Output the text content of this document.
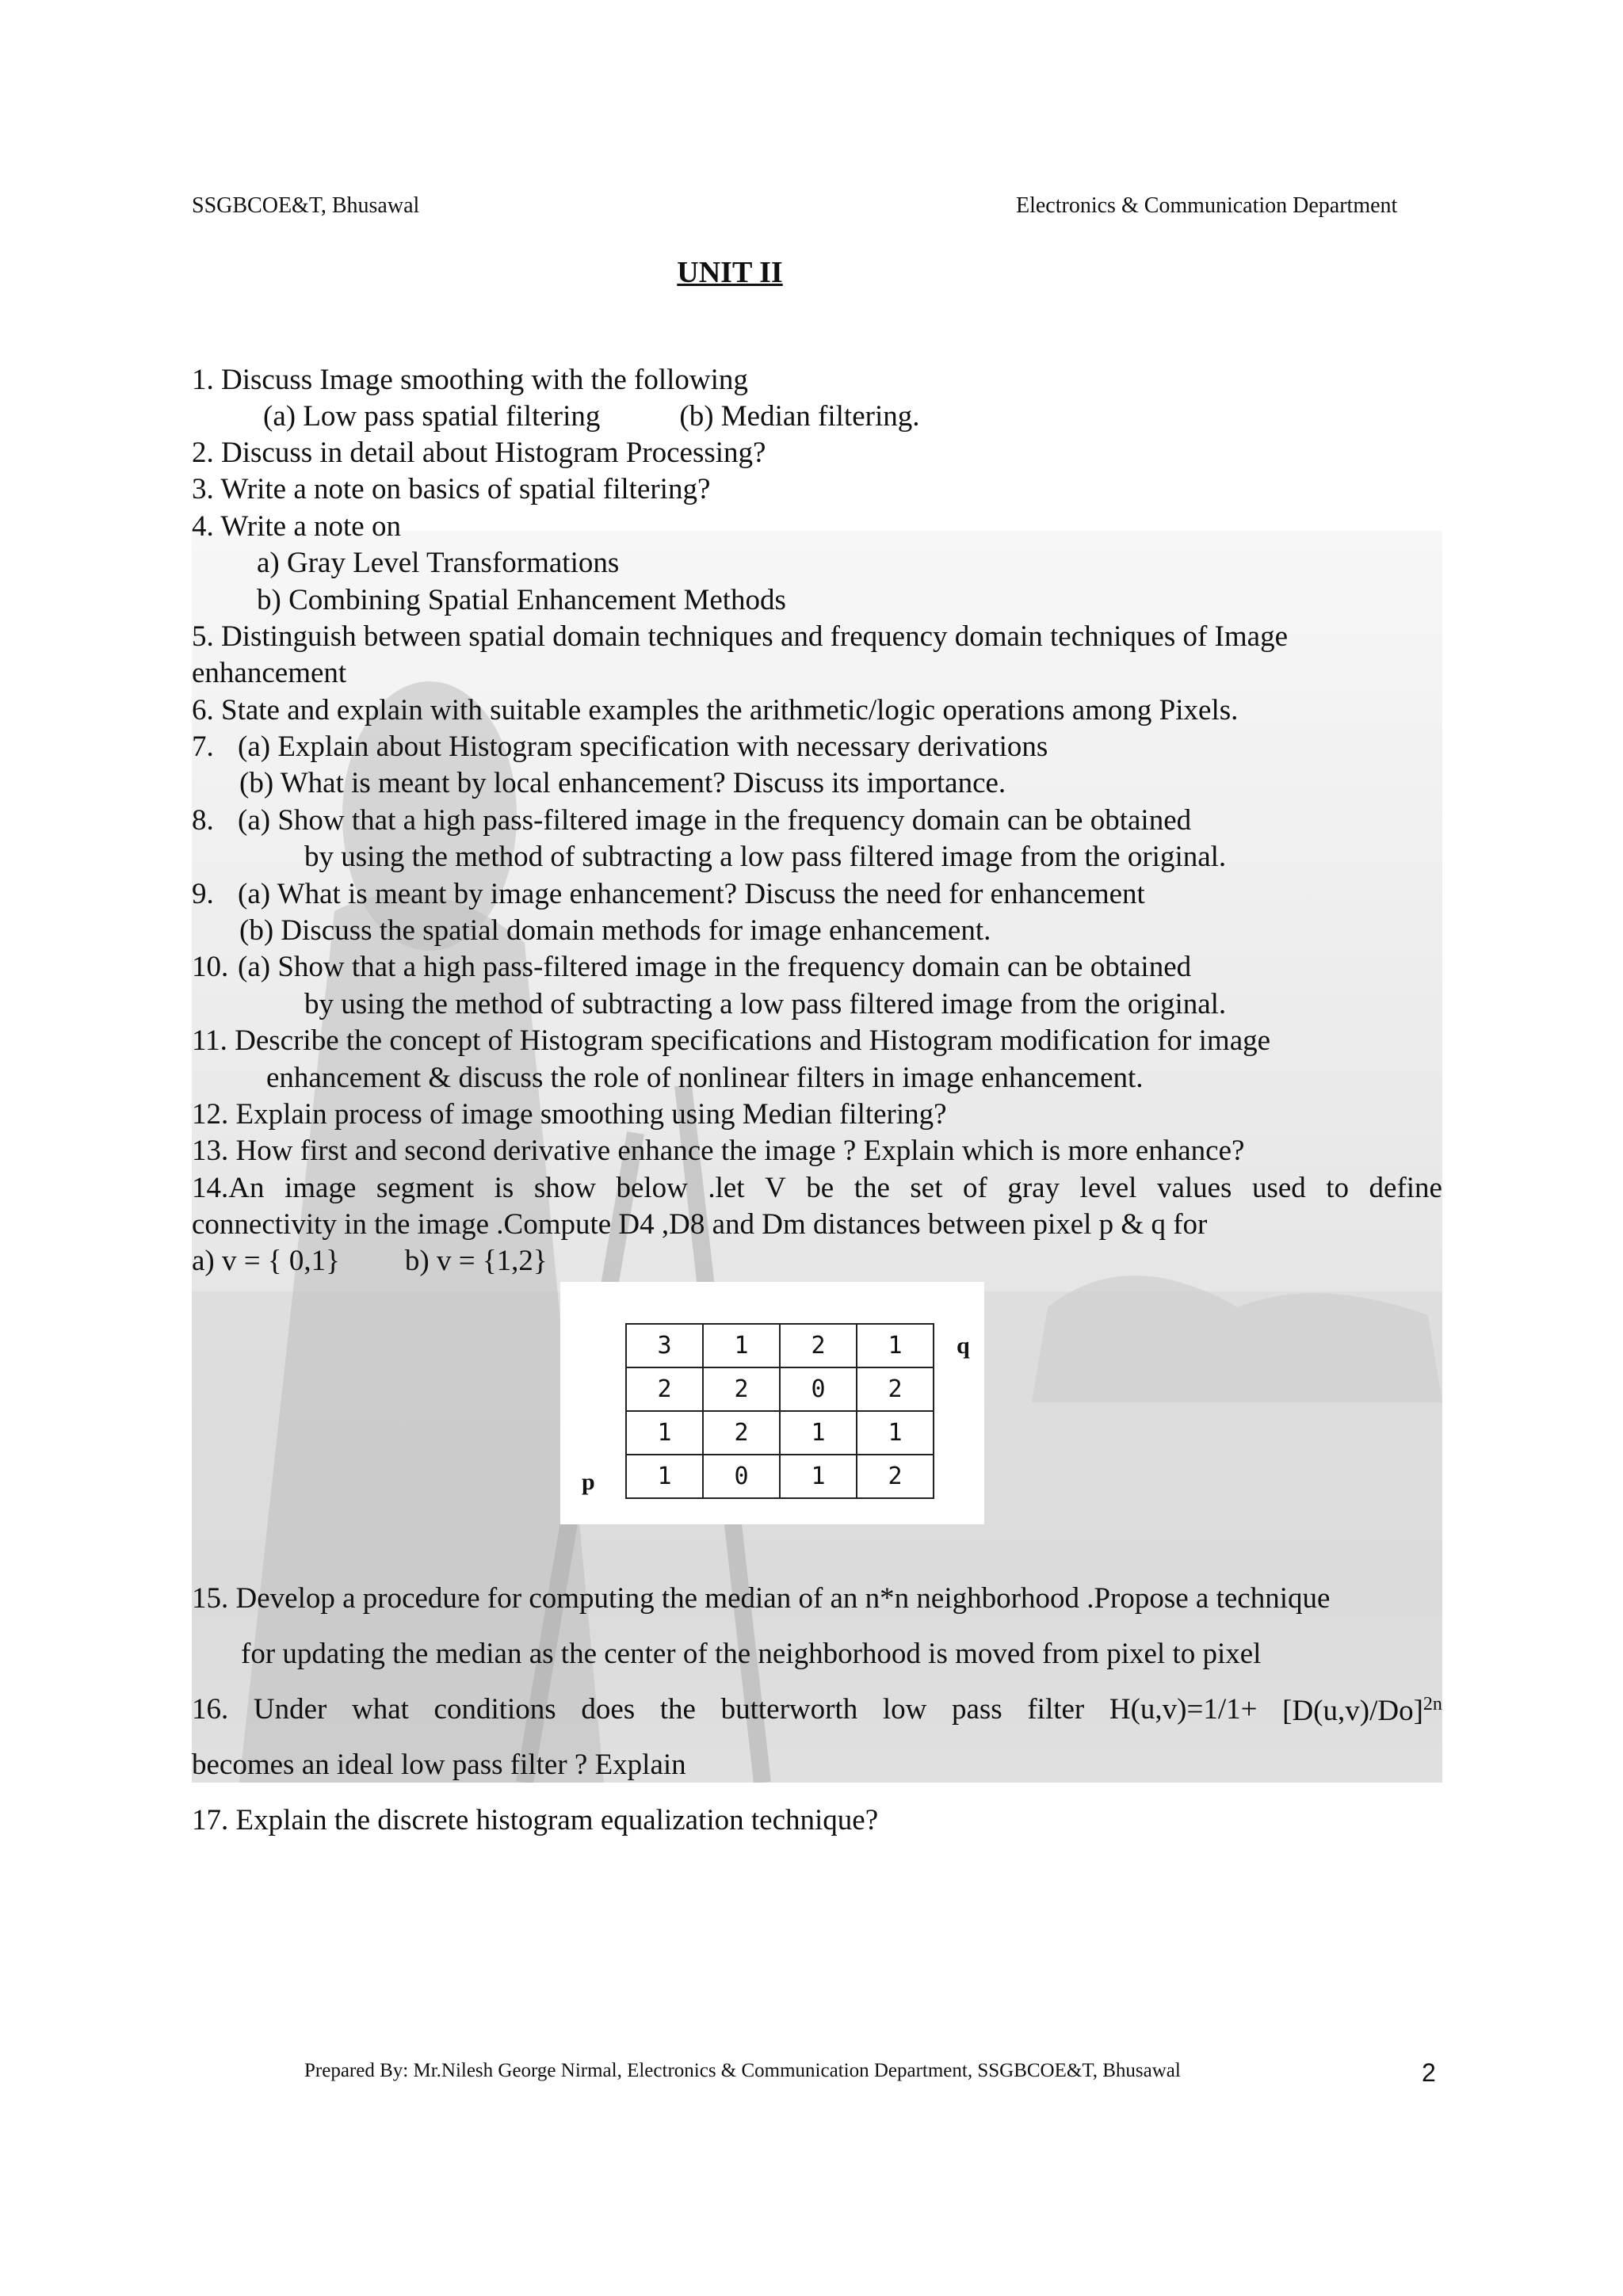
SSGBCOE&T, Bhusawal	Electronics & Communication Department
UNIT II
1. Discuss Image smoothing with the following
(a) Low pass spatial filtering	(b) Median filtering.
2. Discuss in detail about Histogram Processing?
3. Write a note on basics of spatial filtering?
4. Write a note on
a) Gray Level Transformations
b) Combining Spatial Enhancement Methods
5. Distinguish between spatial domain techniques and frequency domain techniques of Image
enhancement
6. State and explain with suitable examples the arithmetic/logic operations among Pixels.
7. (a) Explain about Histogram specification with necessary derivations
(b) What is meant by local enhancement? Discuss its importance.
8. (a) Show that a high pass-filtered image in the frequency domain can be obtained
by using the method of subtracting a low pass filtered image from the original.
9. (a) What is meant by image enhancement? Discuss the need for enhancement
(b) Discuss the spatial domain methods for image enhancement.
10. (a) Show that a high pass-filtered image in the frequency domain can be obtained
by using the method of subtracting a low pass filtered image from the original.
11. Describe the concept of Histogram specifications and Histogram modification for image
enhancement & discuss the role of nonlinear filters in image enhancement.
12. Explain process of image smoothing using Median filtering?
13. How first and second derivative enhance the image ? Explain which is more enhance?
14.An image segment is show below .let V be the set of gray level values used to define
connectivity in the image .Compute D4 ,D8 and Dm distances between pixel p & q for
a) v = { 0,1} b) v = {1,2}
3	1	2	1
2	2	0	2
1	2	1	1
1	0	1	2
q
p
15. Develop a procedure for computing the median of an n*n neighborhood .Propose a technique
for updating the median as the center of the neighborhood is moved from pixel to pixel
16. Under what conditions does the butterworth low pass filter $H(u,v)=1/1+ [D(u,v)/Do]^{2n}$
becomes an ideal low pass filter ? Explain
17. Explain the discrete histogram equalization technique?
Prepared By: Mr.Nilesh George Nirmal, Electronics & Communication Department, SSGBCOE&T, Bhusawal	2
